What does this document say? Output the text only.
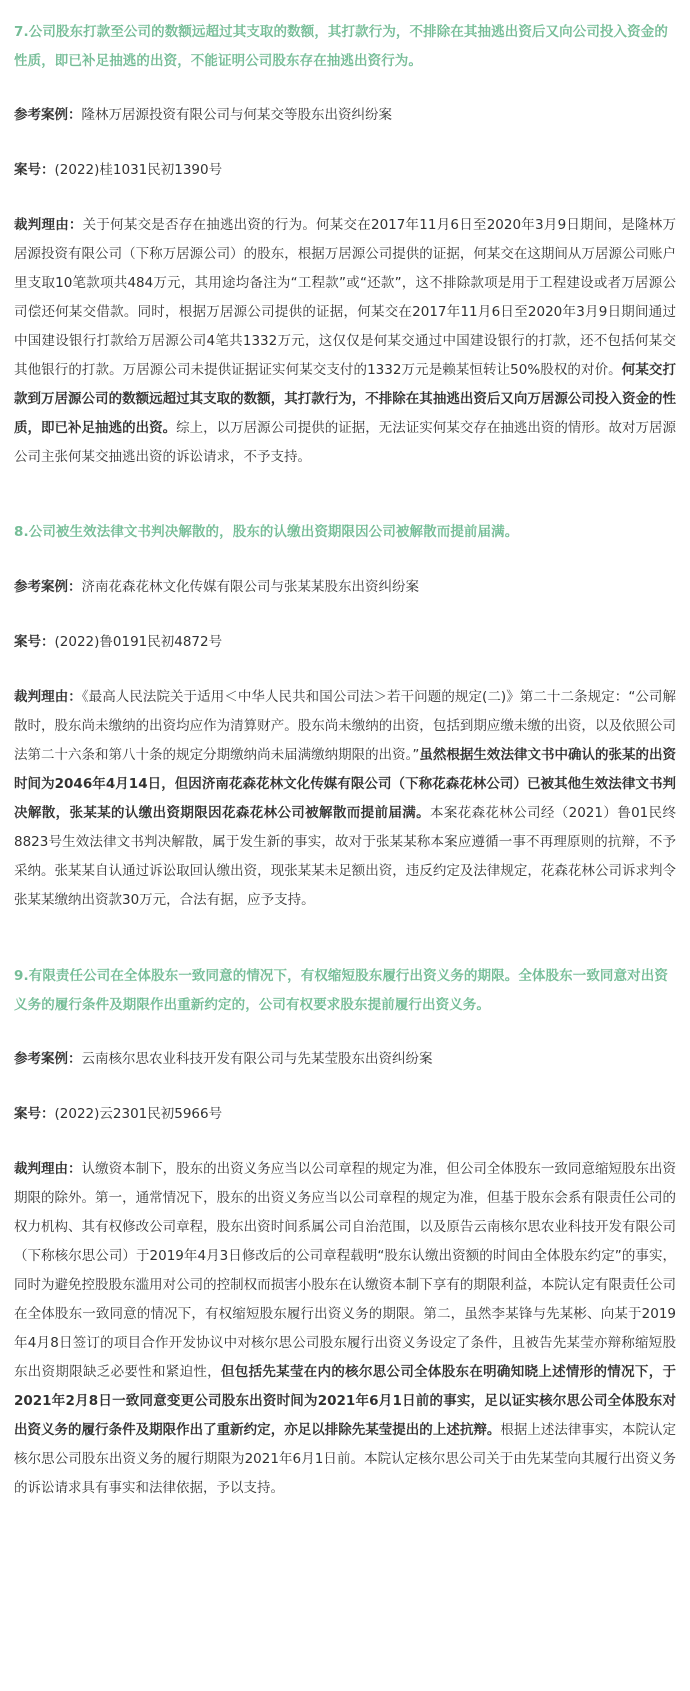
7.公司股东打款至公司的数额远超过其支取的数额，其打款行为，不排除在其抽逃出资后又向公司投入资金的性质，即已补足抽逃的出资，不能证明公司股东存在抽逃出资行为。
参考案例：隆林万居源投资有限公司与何某交等股东出资纠纷案
案号：(2022)桂1031民初1390号
裁判理由：关于何某交是否存在抽逃出资的行为。何某交在2017年11月6日至2020年3月9日期间，是隆林万居源投资有限公司（下称万居源公司）的股东，根据万居源公司提供的证据，何某交在这期间从万居源公司账户里支取10笔款项共484万元，其用途均备注为“工程款”或“还款”，这不排除款项是用于工程建设或者万居源公司偿还何某交借款。同时，根据万居源公司提供的证据，何某交在2017年11月6日至2020年3月9日期间通过中国建设银行打款给万居源公司4笔共1332万元，这仅仅是何某交通过中国建设银行的打款，还不包括何某交其他银行的打款。万居源公司未提供证据证实何某交支付的1332万元是赖某恒转让50%股权的对价。何某交打款到万居源公司的数额远超过其支取的数额，其打款行为，不排除在其抽逃出资后又向万居源公司投入资金的性质，即已补足抽逃的出资。综上，以万居源公司提供的证据，无法证实何某交存在抽逃出资的情形。故对万居源公司主张何某交抽逃出资的诉讼请求，不予支持。
8.公司被生效法律文书判决解散的，股东的认缴出资期限因公司被解散而提前届满。
参考案例：济南花森花林文化传媒有限公司与张某某股东出资纠纷案
案号：(2022)鲁0191民初4872号
裁判理由：《最高人民法院关于适用＜中华人民共和国公司法＞若干问题的规定(二)》第二十二条规定：“公司解散时，股东尚未缴纳的出资均应作为清算财产。股东尚未缴纳的出资，包括到期应缴未缴的出资，以及依照公司法第二十六条和第八十条的规定分期缴纳尚未届满缴纳期限的出资。”虽然根据生效法律文书中确认的张某的出资时间为2046年4月14日，但因济南花森花林文化传媒有限公司（下称花森花林公司）已被其他生效法律文书判决解散，张某某的认缴出资期限因花森花林公司被解散而提前届满。本案花森花林公司经（2021）鲁01民终8823号生效法律文书判决解散，属于发生新的事实，故对于张某某称本案应遵循一事不再理原则的抗辩，不予采纳。张某某自认通过诉讼取回认缴出资，现张某某未足额出资，违反约定及法律规定，花森花林公司诉求判令张某某缴纳出资款30万元，合法有据，应予支持。
9.有限责任公司在全体股东一致同意的情况下，有权缩短股东履行出资义务的期限。全体股东一致同意对出资义务的履行条件及期限作出重新约定的，公司有权要求股东提前履行出资义务。
参考案例：云南核尔思农业科技开发有限公司与先某莹股东出资纠纷案
案号：(2022)云2301民初5966号
裁判理由：认缴资本制下，股东的出资义务应当以公司章程的规定为准，但公司全体股东一致同意缩短股东出资期限的除外。第一，通常情况下，股东的出资义务应当以公司章程的规定为准，但基于股东会系有限责任公司的权力机构、其有权修改公司章程，股东出资时间系属公司自治范围，以及原告云南核尔思农业科技开发有限公司（下称核尔思公司）于2019年4月3日修改后的公司章程载明“股东认缴出资额的时间由全体股东约定”的事实，同时为避免控股股东滥用对公司的控制权而损害小股东在认缴资本制下享有的期限利益，本院认定有限责任公司在全体股东一致同意的情况下，有权缩短股东履行出资义务的期限。第二，虽然李某锋与先某彬、向某于2019年4月8日签订的项目合作开发协议中对核尔思公司股东履行出资义务设定了条件，且被告先某莹亦辩称缩短股东出资期限缺乏必要性和紧迫性，但包括先某莹在内的核尔思公司全体股东在明确知晓上述情形的情况下，于2021年2月8日一致同意变更公司股东出资时间为2021年6月1日前的事实，足以证实核尔思公司全体股东对出资义务的履行条件及期限作出了重新约定，亦足以排除先某莹提出的上述抗辩。根据上述法律事实，本院认定核尔思公司股东出资义务的履行期限为2021年6月1日前。本院认定核尔思公司关于由先某莹向其履行出资义务的诉讼请求具有事实和法律依据，予以支持。
